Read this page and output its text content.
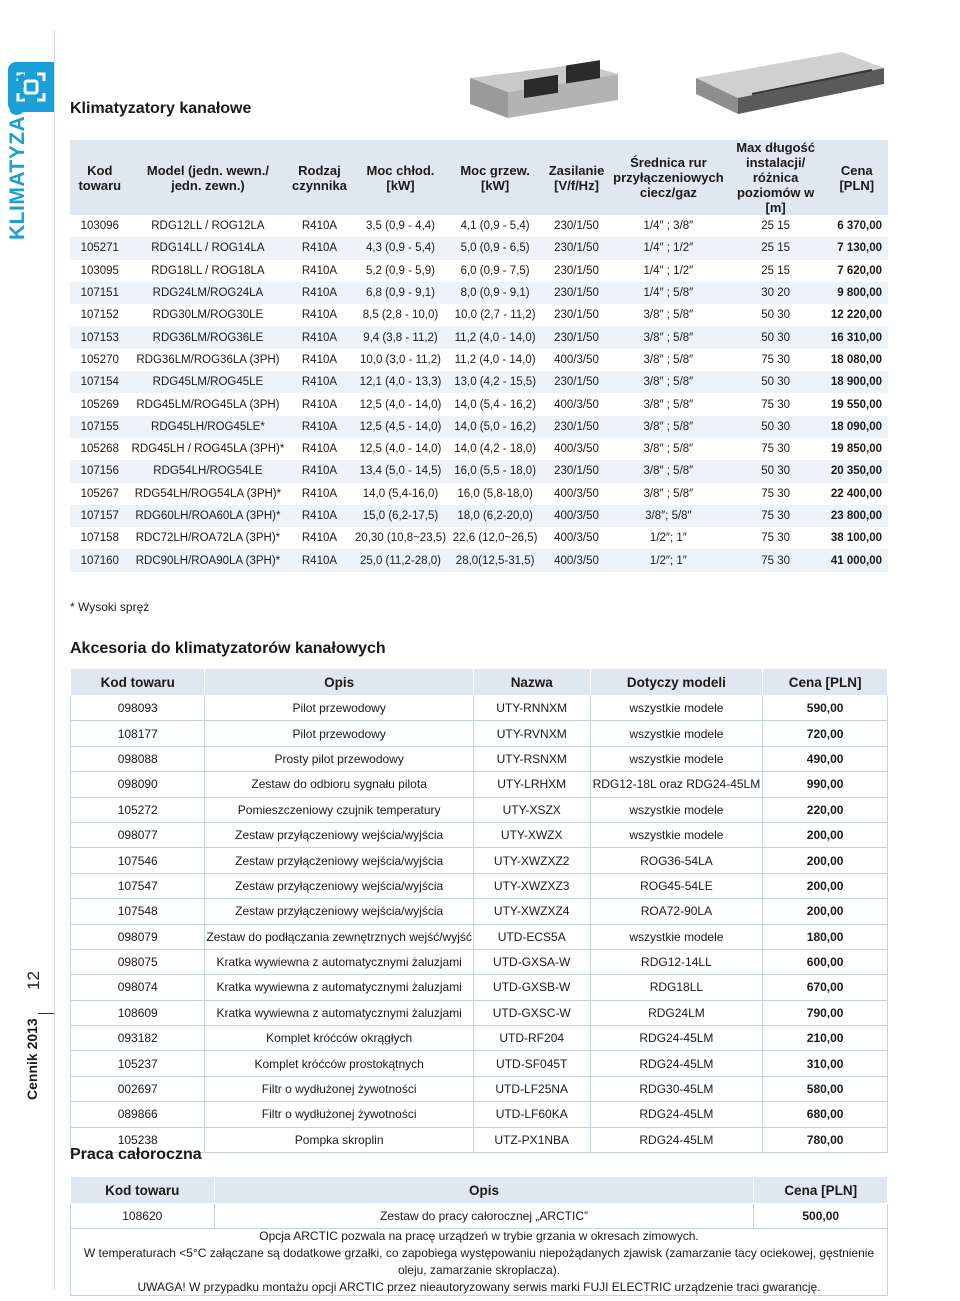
KLIMATYZACJA
12
Cennik 2013
Klimatyzatory kanałowe
Kod towaru	Model (jedn. wewn./ jedn. zewn.)	Rodzaj czynnika	Moc chłod. [kW]	Moc grzew. [kW]	Zasilanie [V/f/Hz]	Średnica rur przyłączeniowych ciecz/gaz	Max długość instalacji/ różnica poziomów w [m]	Cena [PLN]
103096	RDG12LL / ROG12LA	R410A	3,5 (0,9 - 4,4)	4,1 (0,9 - 5,4)	230/1/50	1/4″ ; 3/8″	25 15	6 370,00
105271	RDG14LL / ROG14LA	R410A	4,3 (0,9 - 5,4)	5,0 (0,9 - 6,5)	230/1/50	1/4″ ; 1/2″	25 15	7 130,00
103095	RDG18LL / ROG18LA	R410A	5,2 (0,9 - 5,9)	6,0 (0,9 - 7,5)	230/1/50	1/4″ ; 1/2″	25 15	7 620,00
107151	RDG24LM/ROG24LA	R410A	6,8 (0,9 - 9,1)	8,0 (0,9 - 9,1)	230/1/50	1/4″ ; 5/8″	30 20	9 800,00
107152	RDG30LM/ROG30LE	R410A	8,5 (2,8 - 10,0)	10,0 (2,7 - 11,2)	230/1/50	3/8″ ; 5/8″	50 30	12 220,00
107153	RDG36LM/ROG36LE	R410A	9,4 (3,8 - 11,2)	11,2 (4,0 - 14,0)	230/1/50	3/8″ ; 5/8″	50 30	16 310,00
105270	RDG36LM/ROG36LA (3PH)	R410A	10,0 (3,0 - 11,2)	11,2 (4,0 - 14,0)	400/3/50	3/8″ ; 5/8″	75 30	18 080,00
107154	RDG45LM/ROG45LE	R410A	12,1 (4,0 - 13,3)	13,0 (4,2 - 15,5)	230/1/50	3/8″ ; 5/8″	50 30	18 900,00
105269	RDG45LM/ROG45LA (3PH)	R410A	12,5 (4,0 - 14,0)	14,0 (5,4 - 16,2)	400/3/50	3/8″ ; 5/8″	75 30	19 550,00
107155	RDG45LH/ROG45LE*	R410A	12,5 (4,5 - 14,0)	14,0 (5,0 - 16,2)	230/1/50	3/8″ ; 5/8″	50 30	18 090,00
105268	RDG45LH / ROG45LA (3PH)*	R410A	12,5 (4,0 - 14,0)	14,0 (4,2 - 18,0)	400/3/50	3/8″ ; 5/8″	75 30	19 850,00
107156	RDG54LH/ROG54LE	R410A	13,4 (5,0 - 14,5)	16,0 (5,5 - 18,0)	230/1/50	3/8″ ; 5/8″	50 30	20 350,00
105267	RDG54LH/ROG54LA (3PH)*	R410A	14,0 (5,4-16,0)	16,0 (5,8-18,0)	400/3/50	3/8″ ; 5/8″	75 30	22 400,00
107157	RDG60LH/ROA60LA (3PH)*	R410A	15,0 (6,2-17,5)	18,0 (6,2-20,0)	400/3/50	3/8″; 5/8″	75 30	23 800,00
107158	RDC72LH/ROA72LA (3PH)*	R410A	20,30 (10,8~23,5)	22,6 (12,0~26,5)	400/3/50	1/2″; 1″	75 30	38 100,00
107160	RDC90LH/ROA90LA (3PH)*	R410A	25,0 (11,2-28,0)	28,0(12,5-31,5)	400/3/50	1/2″; 1″	75 30	41 000,00
* Wysoki spręż
Akcesoria do klimatyzatorów kanałowych
Kod towaru	Opis	Nazwa	Dotyczy modeli	Cena [PLN]
098093	Pilot przewodowy	UTY-RNNXM	wszystkie modele	590,00
108177	Pilot przewodowy	UTY-RVNXM	wszystkie modele	720,00
098088	Prosty pilot przewodowy	UTY-RSNXM	wszystkie modele	490,00
098090	Zestaw do odbioru sygnału pilota	UTY-LRHXM	RDG12-18L oraz RDG24-45LM	990,00
105272	Pomieszczeniowy czujnik temperatury	UTY-XSZX	wszystkie modele	220,00
098077	Zestaw przyłączeniowy wejścia/wyjścia	UTY-XWZX	wszystkie modele	200,00
107546	Zestaw przyłączeniowy wejścia/wyjścia	UTY-XWZXZ2	ROG36-54LA	200,00
107547	Zestaw przyłączeniowy wejścia/wyjścia	UTY-XWZXZ3	ROG45-54LE	200,00
107548	Zestaw przyłączeniowy wejścia/wyjścia	UTY-XWZXZ4	ROA72-90LA	200,00
098079	Zestaw do podłączania zewnętrznych wejść/wyjść	UTD-ECS5A	wszystkie modele	180,00
098075	Kratka wywiewna z automatycznymi żaluzjami	UTD-GXSA-W	RDG12-14LL	600,00
098074	Kratka wywiewna z automatycznymi żaluzjami	UTD-GXSB-W	RDG18LL	670,00
108609	Kratka wywiewna z automatycznymi żaluzjami	UTD-GXSC-W	RDG24LM	790,00
093182	Komplet króćców okrągłych	UTD-RF204	RDG24-45LM	210,00
105237	Komplet króćców prostokątnych	UTD-SF045T	RDG24-45LM	310,00
002697	Filtr o wydłużonej żywotności	UTD-LF25NA	RDG30-45LM	580,00
089866	Filtr o wydłużonej żywotności	UTD-LF60KA	RDG24-45LM	680,00
105238	Pompka skroplin	UTZ-PX1NBA	RDG24-45LM	780,00
Praca całoroczna
Kod towaru	Opis	Cena [PLN]
108620	Zestaw do pracy całorocznej „ARCTIC”	500,00
Opcja ARCTIC pozwala na pracę urządzeń w trybie grzania w okresach zimowych.
W temperaturach <5°C załączane są dodatkowe grzałki, co zapobiega występowaniu niepożądanych zjawisk (zamarzanie tacy ociekowej, gęstnienie oleju, zamarzanie skroplacza).
UWAGA! W przypadku montażu opcji ARCTIC przez nieautoryzowany serwis marki FUJI ELECTRIC urządzenie traci gwarancję.
